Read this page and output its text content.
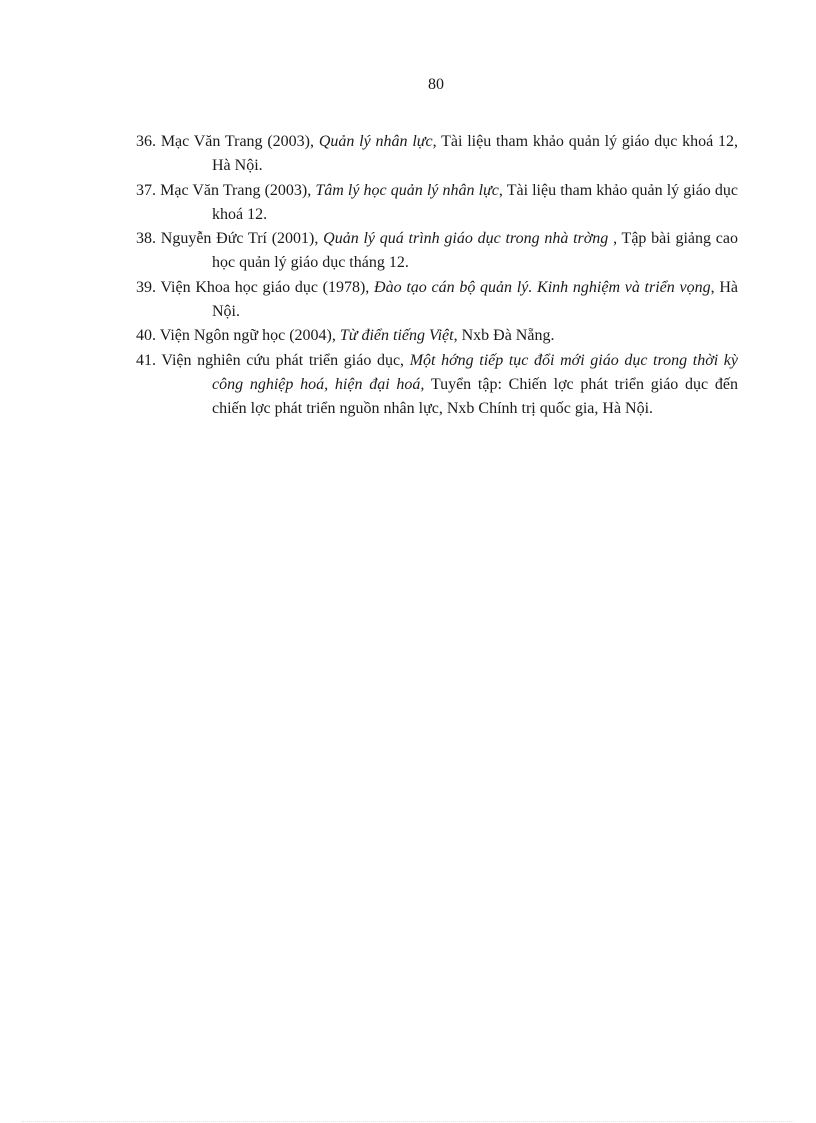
80
36. Mạc Văn Trang (2003), Quản lý nhân lực, Tài liệu tham khảo quản lý giáo dục khoá 12, Hà Nội.
37. Mạc Văn Trang (2003), Tâm lý học quản lý nhân lực, Tài liệu tham khảo quản lý giáo dục khoá 12.
38. Nguyễn Đức Trí (2001), Quản lý quá trình giáo dục trong nhà trờng , Tập bài giảng cao học quản lý giáo dục tháng 12.
39. Viện Khoa học giáo dục (1978), Đào tạo cán bộ quản lý. Kinh nghiệm và triển vọng, Hà Nội.
40. Viện Ngôn ngữ học (2004), Từ điển tiếng Việt, Nxb Đà Nẵng.
41. Viện nghiên cứu phát triển giáo dục, Một hớng tiếp tục đổi mới giáo dục trong thời kỳ công nghiệp hoá, hiện đại hoá, Tuyển tập: Chiến lợc phát triển giáo dục đến chiến lợc phát triển nguồn nhân lực, Nxb Chính trị quốc gia, Hà Nội.
